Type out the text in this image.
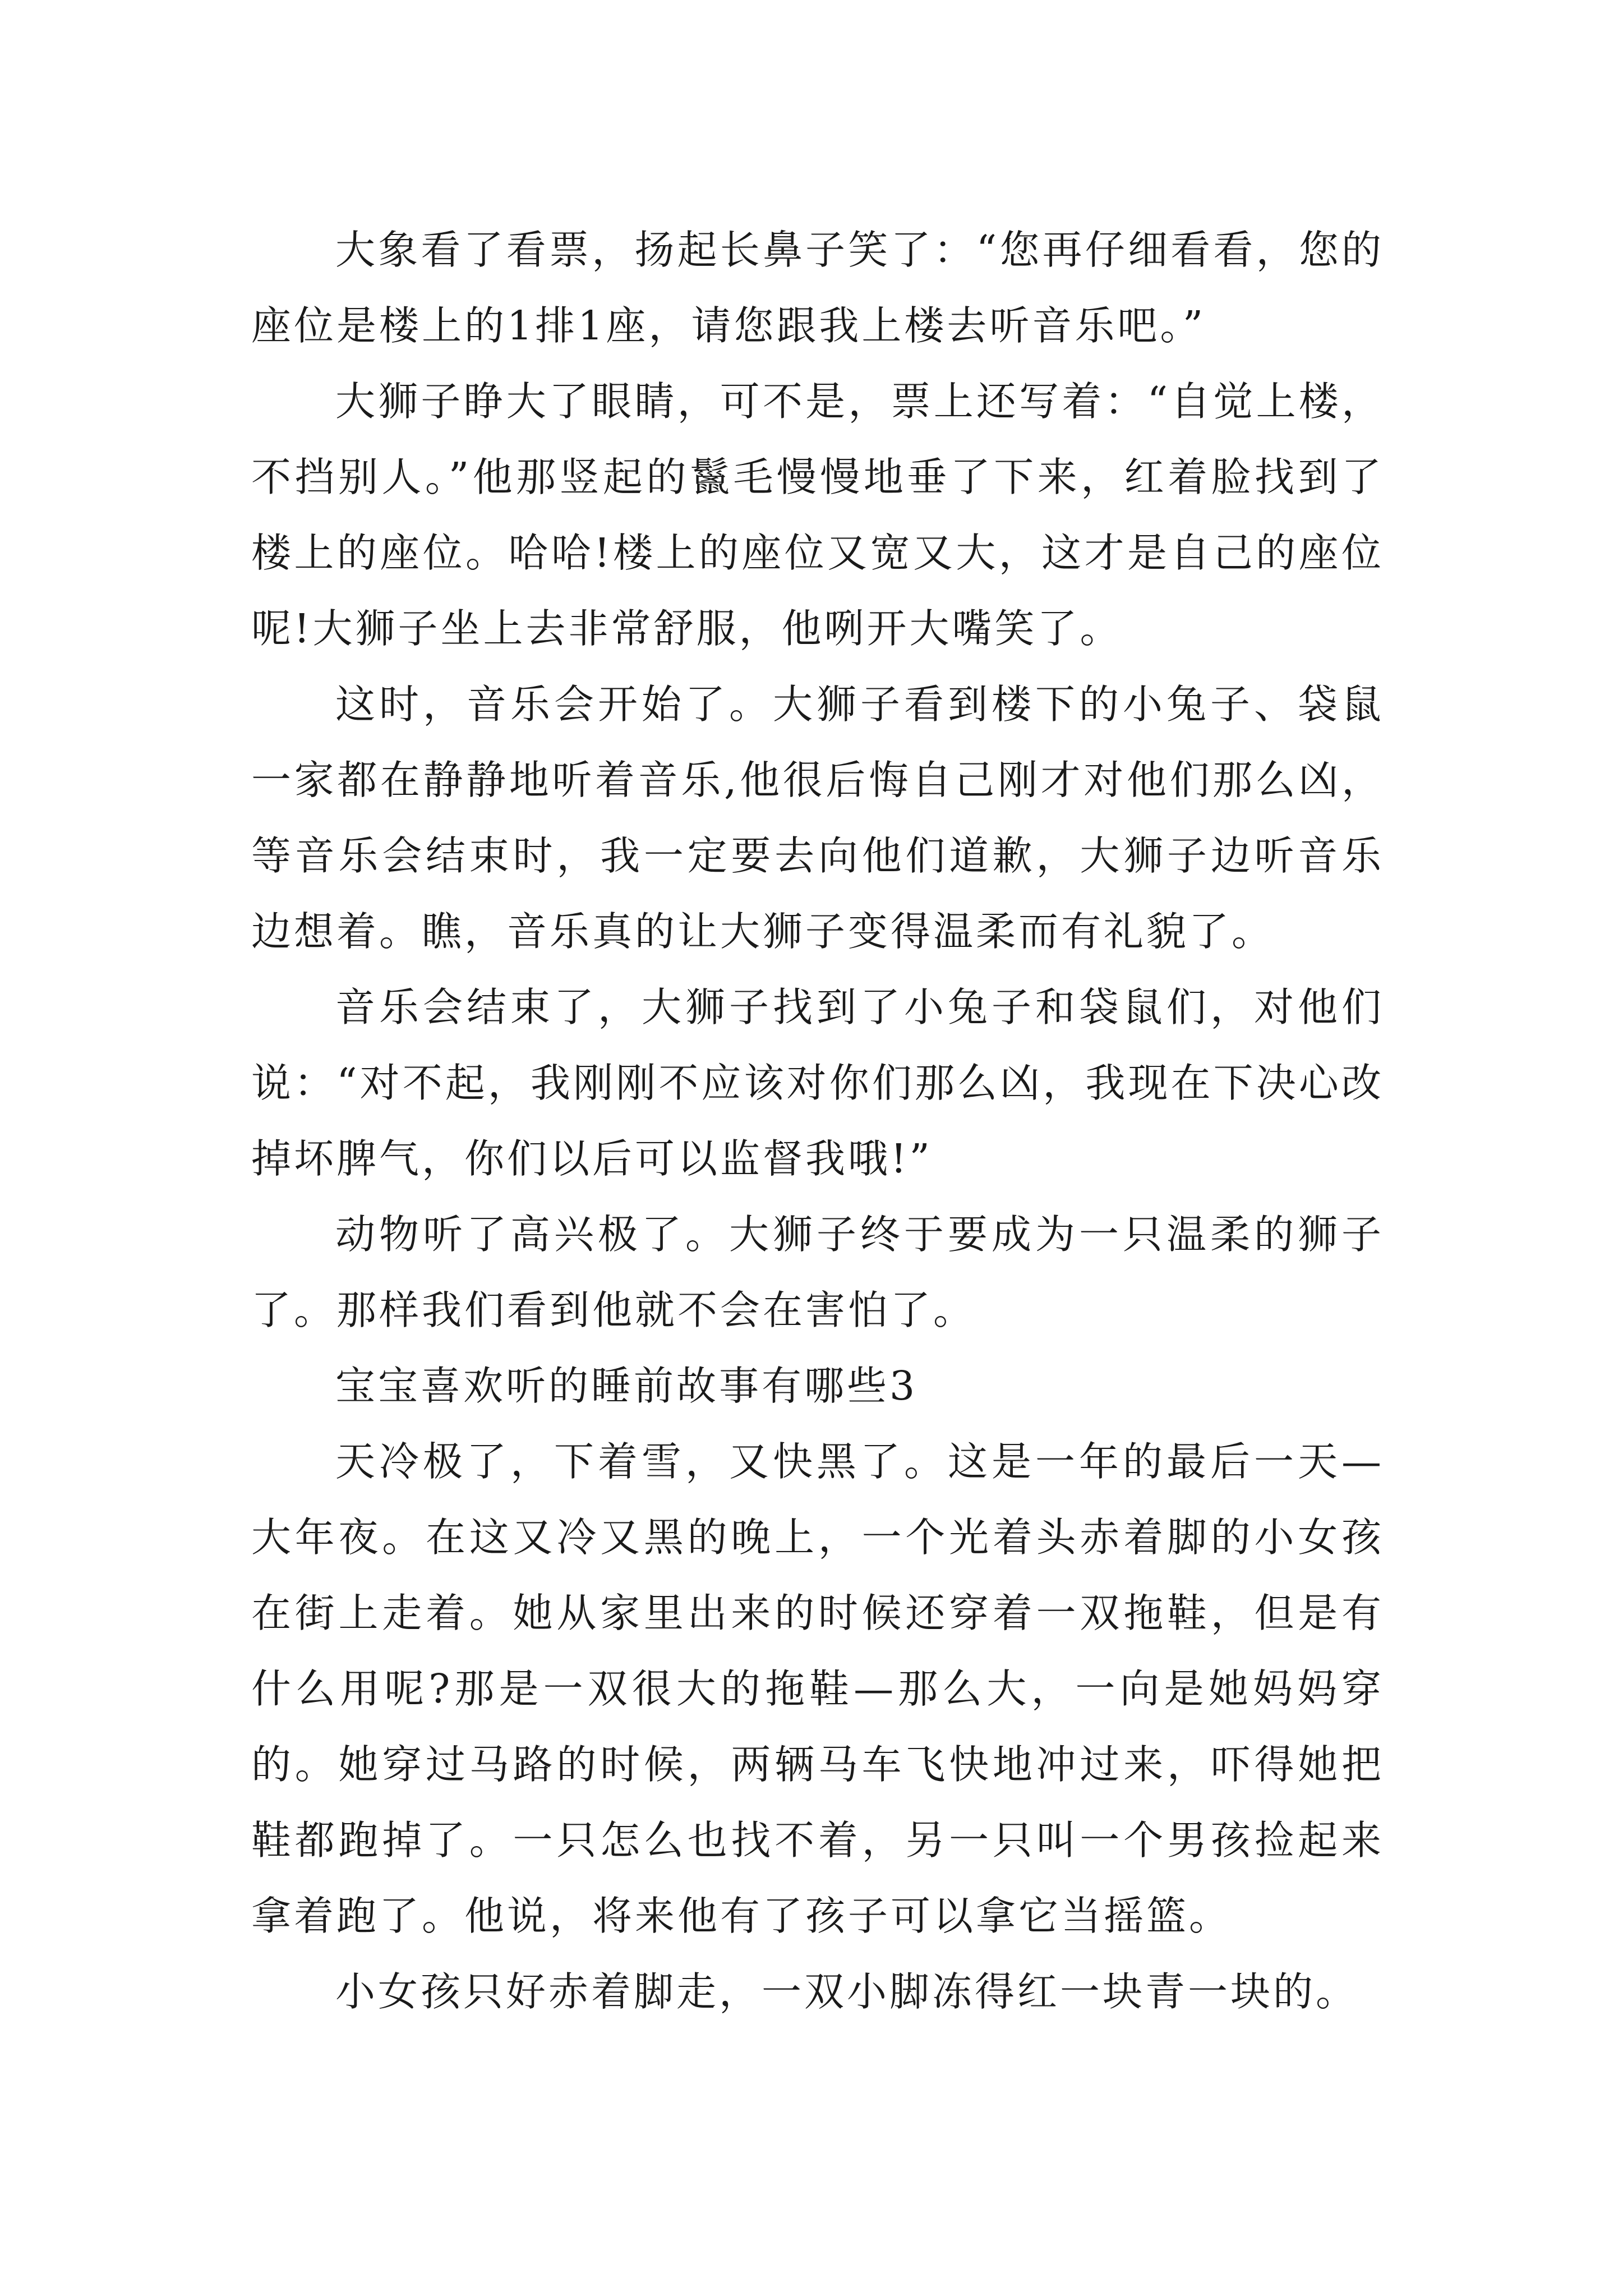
大象看了看票，扬起长鼻子笑了：“您再仔细看看，您的座位是楼上的1排1座，请您跟我上楼去听音乐吧。”

大狮子睁大了眼睛，可不是，票上还写着：“自觉上楼，不挡别人。”他那竖起的鬣毛慢慢地垂了下来，红着脸找到了楼上的座位。哈哈!楼上的座位又宽又大，这才是自己的座位呢!大狮子坐上去非常舒服，他咧开大嘴笑了。

这时，音乐会开始了。大狮子看到楼下的小兔子、袋鼠一家都在静静地听着音乐,他很后悔自己刚才对他们那么凶，等音乐会结束时，我一定要去向他们道歉，大狮子边听音乐边想着。瞧，音乐真的让大狮子变得温柔而有礼貌了。

音乐会结束了，大狮子找到了小兔子和袋鼠们，对他们说：“对不起，我刚刚不应该对你们那么凶，我现在下决心改掉坏脾气，你们以后可以监督我哦!”

动物听了高兴极了。大狮子终于要成为一只温柔的狮子了。那样我们看到他就不会在害怕了。

宝宝喜欢听的睡前故事有哪些3

天冷极了，下着雪，又快黑了。这是一年的最后一天—大年夜。在这又冷又黑的晚上，一个光着头赤着脚的小女孩在街上走着。她从家里出来的时候还穿着一双拖鞋，但是有什么用呢?那是一双很大的拖鞋—那么大，一向是她妈妈穿的。她穿过马路的时候，两辆马车飞快地冲过来，吓得她把鞋都跑掉了。一只怎么也找不着，另一只叫一个男孩捡起来拿着跑了。他说，将来他有了孩子可以拿它当摇篮。

小女孩只好赤着脚走，一双小脚冻得红一块青一块的。
